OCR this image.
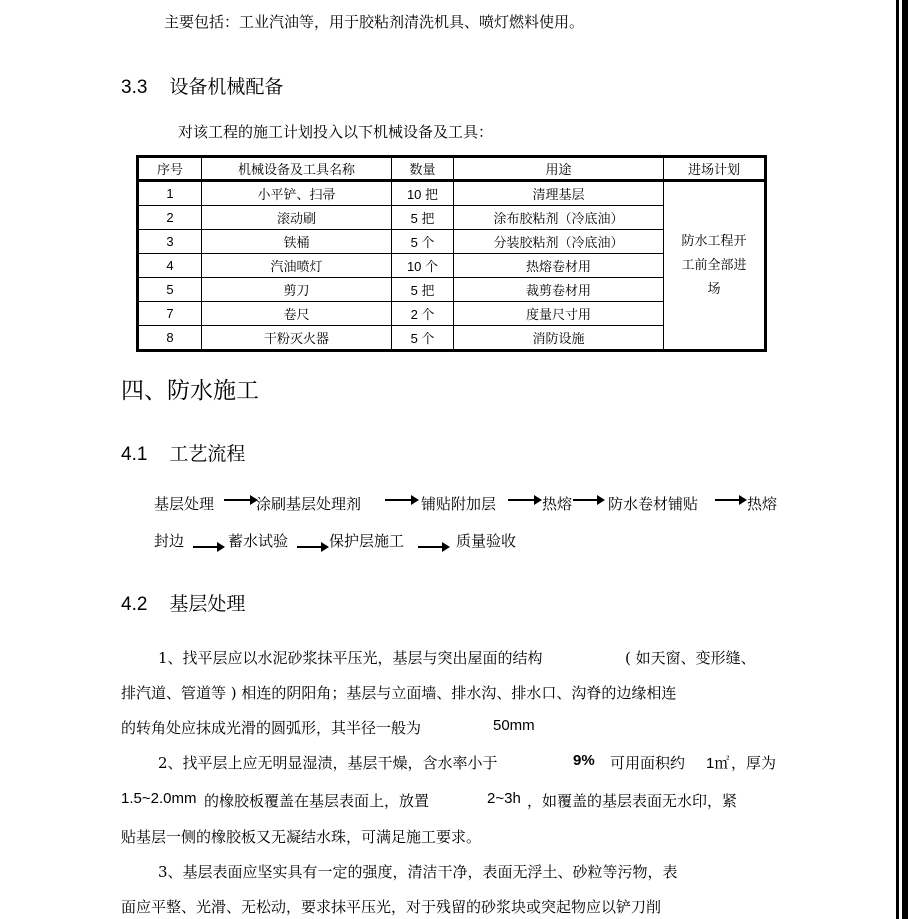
主要包括：工业汽油等，用于胶粘剂清洗机具、喷灯燃料使用。
3.3 设备机械配备
对该工程的施工计划投入以下机械设备及工具：
序号	机械设备及工具名称	数量	用途	进场计划
1	小平铲、扫帚	10 把	清理基层	防水工程开
工前全部进
场

2	滚动刷	5 把	涂布胶粘剂（冷底油）	
3	铁桶	5 个	分装胶粘剂（冷底油）	
4	汽油喷灯	10 个	热熔卷材用	
5	剪刀	5 把	裁剪卷材用	
7	卷尺	2 个	度量尺寸用	
8	干粉灭火器	5 个	消防设施	
四、防水施工
4.1 工艺流程
基层处理	涂刷基层处理剂	铺贴附加层	热熔 防水卷材铺贴	热熔
封边	蓄水试验	保护层施工	质量验收
4.2 基层处理
1、找平层应以水泥砂浆抹平压光，基层与突出屋面的结构	( 如天窗、变形缝、
排汽道、管道等 ) 相连的阴阳角；基层与立面墙、排水沟、排水口、沟脊的边缘相连
的转角处应抹成光滑的圆弧形，其半径一般为	50mm
2、找平层上应无明显湿渍，基层干燥，含水率小于	9% 可用面积约 1㎡ ，厚为
1.5~2.0mm 的橡胶板覆盖在基层表面上，放置	2~3h ，如覆盖的基层表面无水印，紧
贴基层一侧的橡胶板又无凝结水珠，可满足施工要求。
3、基层表面应坚实具有一定的强度，清洁干净，表面无浮土、砂粒等污物，表
面应平整、光滑、无松动，要求抹平压光，对于残留的砂浆块或突起物应以铲刀削
